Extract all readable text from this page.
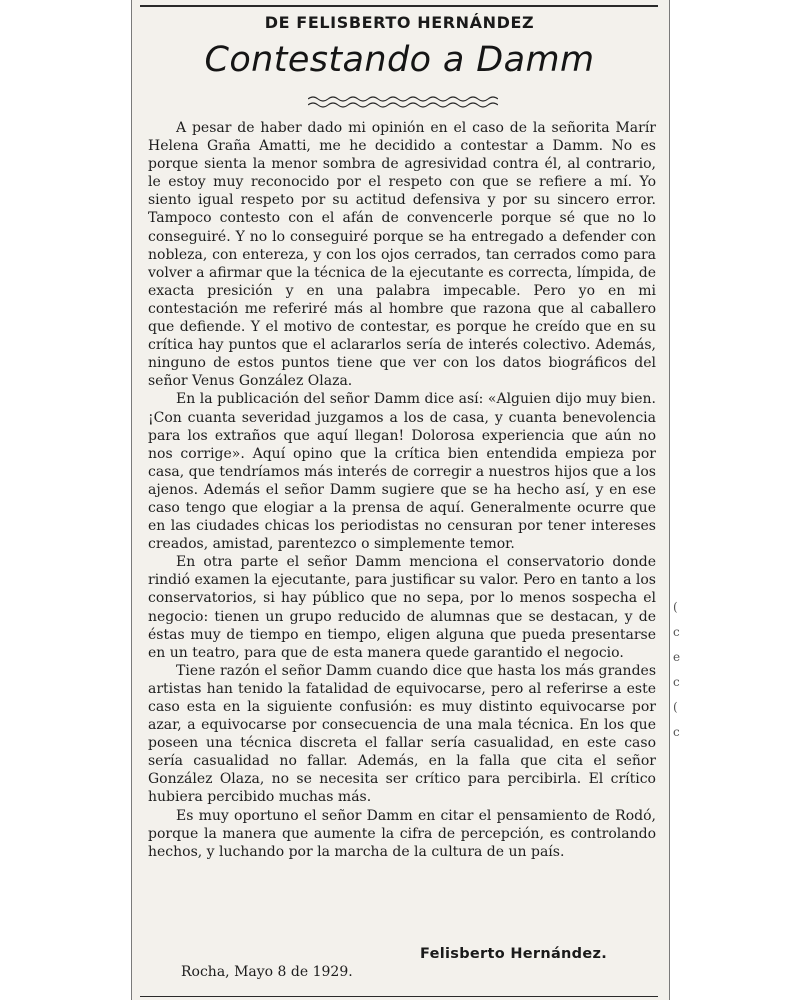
(
c
e
c
(
c
DE FELISBERTO HERNÁNDEZ
Contestando a Damm

A pesar de haber dado mi opinión en el caso de la señorita Marír Helena Graña Amatti, me he decidido a contestar a Damm. No es porque sienta la menor sombra de agresividad contra él, al contrario, le estoy muy reconocido por el respeto con que se refiere a mí. Yo siento igual respeto por su actitud defensiva y por su sincero error. Tampoco contesto con el afán de convencerle porque sé que no lo conseguiré. Y no lo conseguiré porque se ha entregado a defender con nobleza, con entereza, y con los ojos cerrados, tan cerrados como para volver a afirmar que la técnica de la ejecutante es correcta, límpida, de exacta presición y en una palabra impecable. Pero yo en mi contestación me referiré más al hombre que razona que al caballero que defiende. Y el motivo de contestar, es porque he creído que en su crítica hay puntos que el aclararlos sería de interés colectivo. Además, ninguno de estos puntos tiene que ver con los datos biográficos del señor Venus González Olaza.

En la publicación del señor Damm dice así: «Alguien dijo muy bien. ¡Con cuanta severidad juzgamos a los de casa, y cuanta benevolencia para los extraños que aquí llegan! Dolorosa experiencia que aún no nos corrige». Aquí opino que la crítica bien entendida empieza por casa, que tendríamos más interés de corregir a nuestros hijos que a los ajenos. Además el señor Damm sugiere que se ha hecho así, y en ese caso tengo que elogiar a la prensa de aquí. Generalmente ocurre que en las ciudades chicas los periodistas no censuran por tener intereses creados, amistad, parentezco o simplemente temor.

En otra parte el señor Damm menciona el conservatorio donde rindió examen la ejecutante, para justificar su valor. Pero en tanto a los conservatorios, si hay público que no sepa, por lo menos sospecha el negocio: tienen un grupo reducido de alumnas que se destacan, y de éstas muy de tiempo en tiempo, eligen alguna que pueda presentarse en un teatro, para que de esta manera quede garantido el negocio.

Tiene razón el señor Damm cuando dice que hasta los más grandes artistas han tenido la fatalidad de equivocarse, pero al referirse a este caso esta en la siguiente confusión: es muy distinto equivocarse por azar, a equivocarse por consecuencia de una mala técnica. En los que poseen una técnica discreta el fallar sería casualidad, en este caso sería casualidad no fallar. Además, en la falla que cita el señor González Olaza, no se necesita ser crítico para percibirla. El crítico hubiera percibido muchas más.

Es muy oportuno el señor Damm en citar el pensamiento de Rodó, porque la manera que aumente la cifra de percepción, es controlando hechos, y luchando por la marcha de la cultura de un país.

Felisberto Hernández.
Rocha, Mayo 8 de 1929.
